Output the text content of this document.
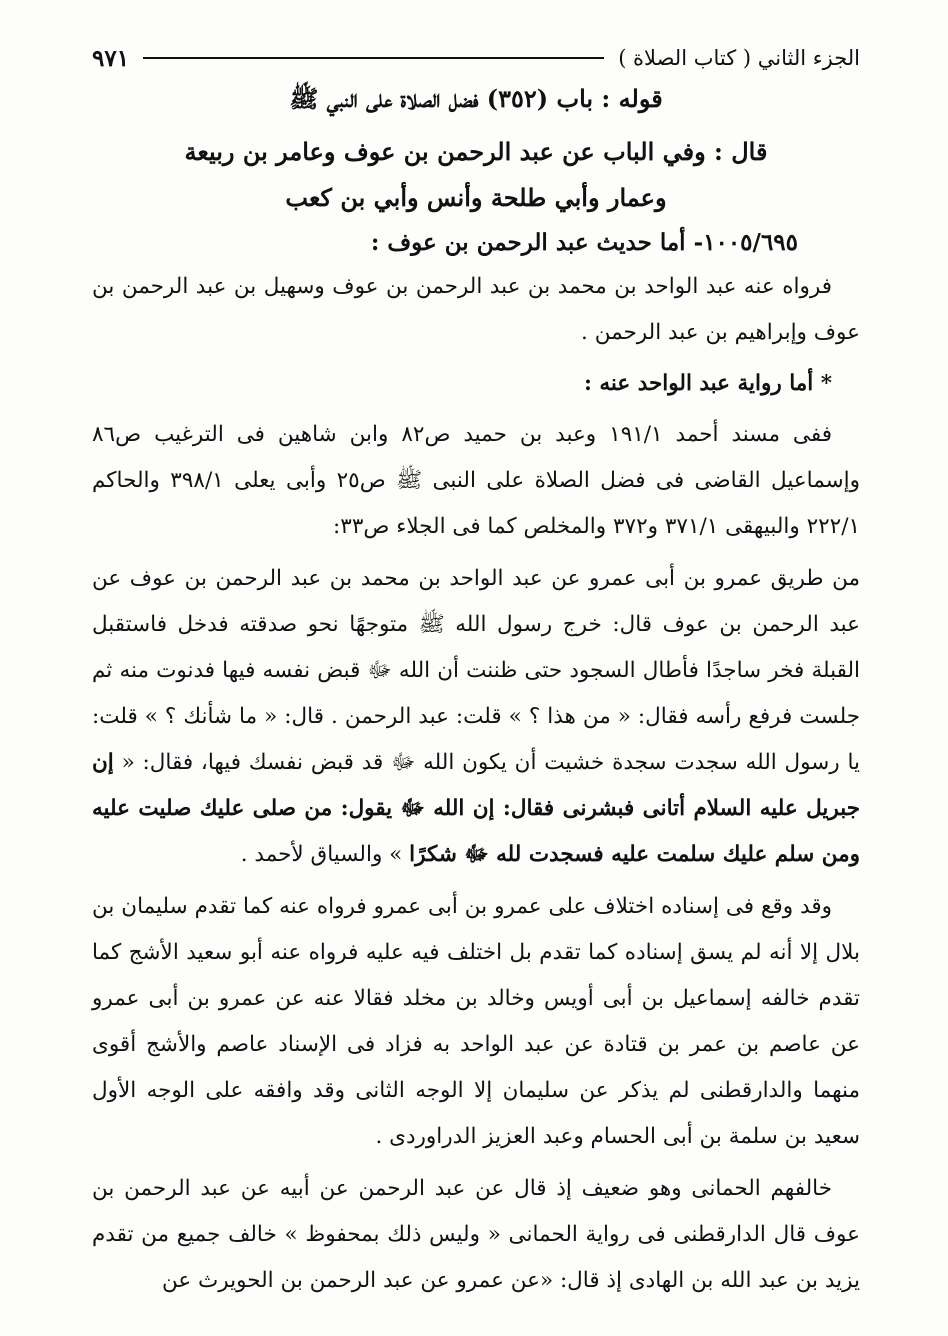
الجزء الثاني ( كتاب الصلاة )
٩٧١
قوله : باب (٣٥٢) فضل الصلاة على النبي ﷺ
قال : وفي الباب عن عبد الرحمن بن عوف وعامر بن ربيعة
وعمار وأبي طلحة وأنس وأبي بن كعب
١٠٠٥/٦٩٥- أما حديث عبد الرحمن بن عوف :

فرواه عنه عبد الواحد بن محمد بن عبد الرحمن بن عوف وسهيل بن عبد الرحمن بن عوف وإبراهيم بن عبد الرحمن .

* أما رواية عبد الواحد عنه :

ففى مسند أحمد ١٩١/١ وعبد بن حميد ص٨٢ وابن شاهين فى الترغيب ص٨٦ وإسماعيل القاضى فى فضل الصلاة على النبى ﷺ ص٢٥ وأبى يعلى ٣٩٨/١ والحاكم ٢٢٢/١ والبيهقى ٣٧١/١ و٣٧٢ والمخلص كما فى الجلاء ص٣٣:

من طريق عمرو بن أبى عمرو عن عبد الواحد بن محمد بن عبد الرحمن بن عوف عن عبد الرحمن بن عوف قال: خرج رسول الله ﷺ متوجهًا نحو صدقته فدخل فاستقبل القبلة فخر ساجدًا فأطال السجود حتى ظننت أن الله ﷻ قبض نفسه فيها فدنوت منه ثم جلست فرفع رأسه فقال: « من هذا ؟ » قلت: عبد الرحمن . قال: « ما شأنك ؟ » قلت: يا رسول الله سجدت سجدة خشيت أن يكون الله ﷻ قد قبض نفسك فيها، فقال: « إن جبريل عليه السلام أتانى فبشرنى فقال: إن الله ﷻ يقول: من صلى عليك صليت عليه ومن سلم عليك سلمت عليه فسجدت لله ﷻ شكرًا » والسياق لأحمد .

وقد وقع فى إسناده اختلاف على عمرو بن أبى عمرو فرواه عنه كما تقدم سليمان بن بلال إلا أنه لم يسق إسناده كما تقدم بل اختلف فيه عليه فرواه عنه أبو سعيد الأشج كما تقدم خالفه إسماعيل بن أبى أويس وخالد بن مخلد فقالا عنه عن عمرو بن أبى عمرو عن عاصم بن عمر بن قتادة عن عبد الواحد به فزاد فى الإسناد عاصم والأشج أقوى منهما والدارقطنى لم يذكر عن سليمان إلا الوجه الثانى وقد وافقه على الوجه الأول سعيد بن سلمة بن أبى الحسام وعبد العزيز الدراوردى .

خالفهم الحمانى وهو ضعيف إذ قال عن عبد الرحمن عن أبيه عن عبد الرحمن بن عوف قال الدارقطنى فى رواية الحمانى « وليس ذلك بمحفوظ » خالف جميع من تقدم يزيد بن عبد الله بن الهادى إذ قال: «عن عمرو عن عبد الرحمن بن الحويرث عن
